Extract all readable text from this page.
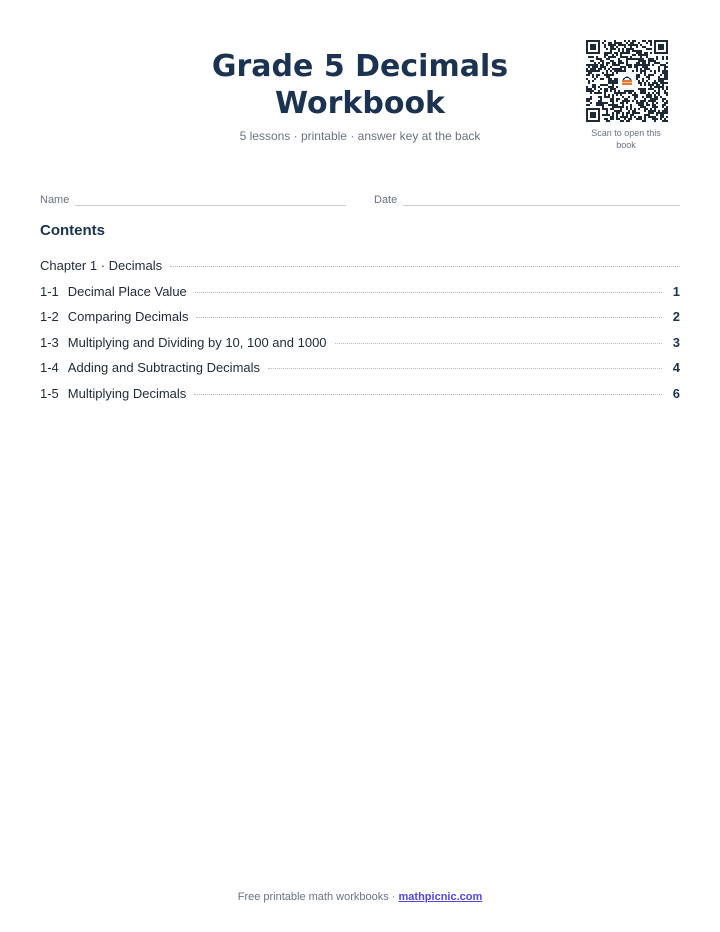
Grade 5 Decimals Workbook
5 lessons · printable · answer key at the back	Scan to open this book
Name	Date
Contents
Chapter 1 · Decimals
1-1 Decimal Place Value	1
1-2 Comparing Decimals	2
1-3 Multiplying and Dividing by 10, 100 and 1000	3
1-4 Adding and Subtracting Decimals	4
1-5 Multiplying Decimals	6
Free printable math workbooks · mathpicnic.com
